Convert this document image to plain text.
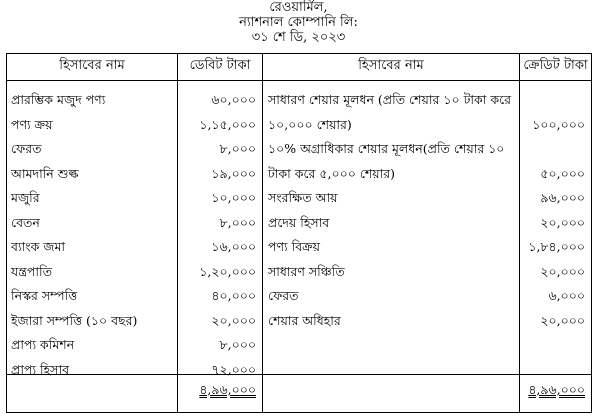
রেওয়ার্মিল,
ন্যাশনাল কোম্পানি লি:
৩১ শে ডি, ২০২৩
হিসাবের নাম	ডেবিট টাকা	হিসাবের নাম	ক্রেডিট টাকা
প্রারম্ভিক মজুদ পণ্য	৬০,০০০ সাধারণ শেয়ার মূলধন (প্রতি শেয়ার ১০ টাকা করে
পণ্য ক্রয়	১,১৫,০০০ ১০,০০০ শেয়ার)	১০০,০০০
ফেরত	৮,০০০ ১০% অগ্রাধিকার শেয়ার মূলধন(প্রতি শেয়ার ১০
আমদানি শুল্ক	১৯,০০০ টাকা করে ৫,০০০ শেয়ার)	৫০,০০০
মজুরি	১০,০০০ সংরক্ষিত আয়	৯৬,০০০
বেতন	৮,০০০ প্রদেয় হিসাব	২০,০০০
ব্যাংক জমা	১৬,০০০ পণ্য বিক্রয়	১,৮৪,০০০
যন্ত্রপাতি	১,২০,০০০ সাধারণ সঞ্চিতি	২০,০০০
নিস্কর সম্পত্তি	৪০,০০০ ফেরত	৬,০০০
ইজারা সম্পত্তি (১০ বছর)	২০,০০০ শেয়ার অধিহার	২০,০০০
প্রাপ্য কমিশন	৮,০০০
প্রাপ্য হিসাব	৭২,০০০
৪,৯৬,০০০	৪,৯৬,০০০
